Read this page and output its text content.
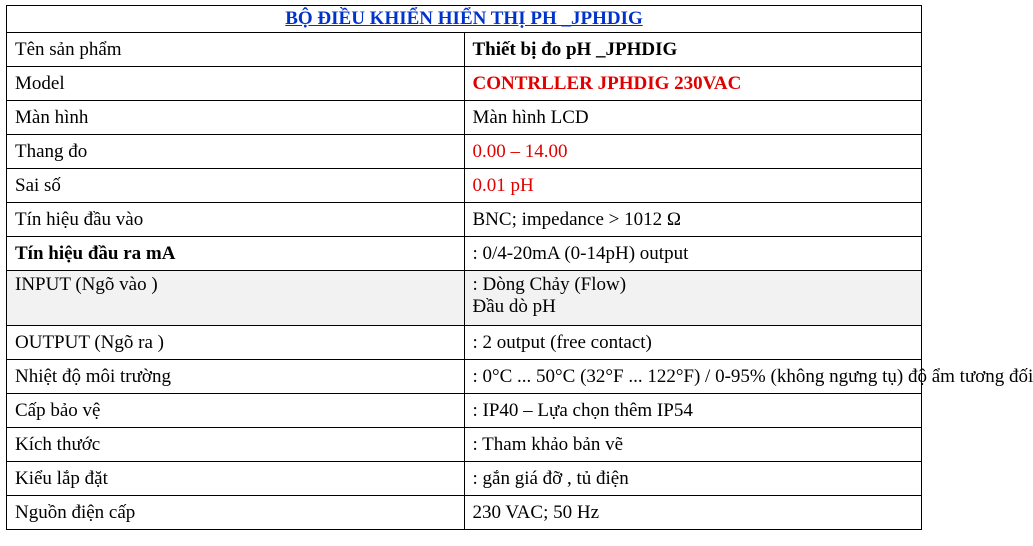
BỘ ĐIỀU KHIỂN HIỂN THỊ PH _JPHDIG	
Tên sản phẩm	Thiết bị đo pH _JPHDIG
Model	CONTRLLER JPHDIG 230VAC
Màn hình	Màn hình LCD
Thang đo	0.00 – 14.00
Sai số	0.01 pH
Tín hiệu đầu vào	BNC; impedance > 1012 Ω
Tín hiệu đầu ra mA	: 0/4-20mA (0-14pH) output
INPUT (Ngõ vào )	: Dòng Chảy (Flow)
Đầu dò pH

OUTPUT (Ngõ ra )	: 2 output (free contact)
Nhiệt độ môi trường	: 0°C ... 50°C (32°F ... 122°F) / 0-95% (không ngưng tụ) độ ẩm tương đối
Cấp bảo vệ	: IP40 – Lựa chọn thêm IP54
Kích thước	: Tham khảo bản vẽ
Kiểu lắp đặt	: gắn giá đỡ , tủ điện
Nguồn điện cấp	230 VAC; 50 Hz
